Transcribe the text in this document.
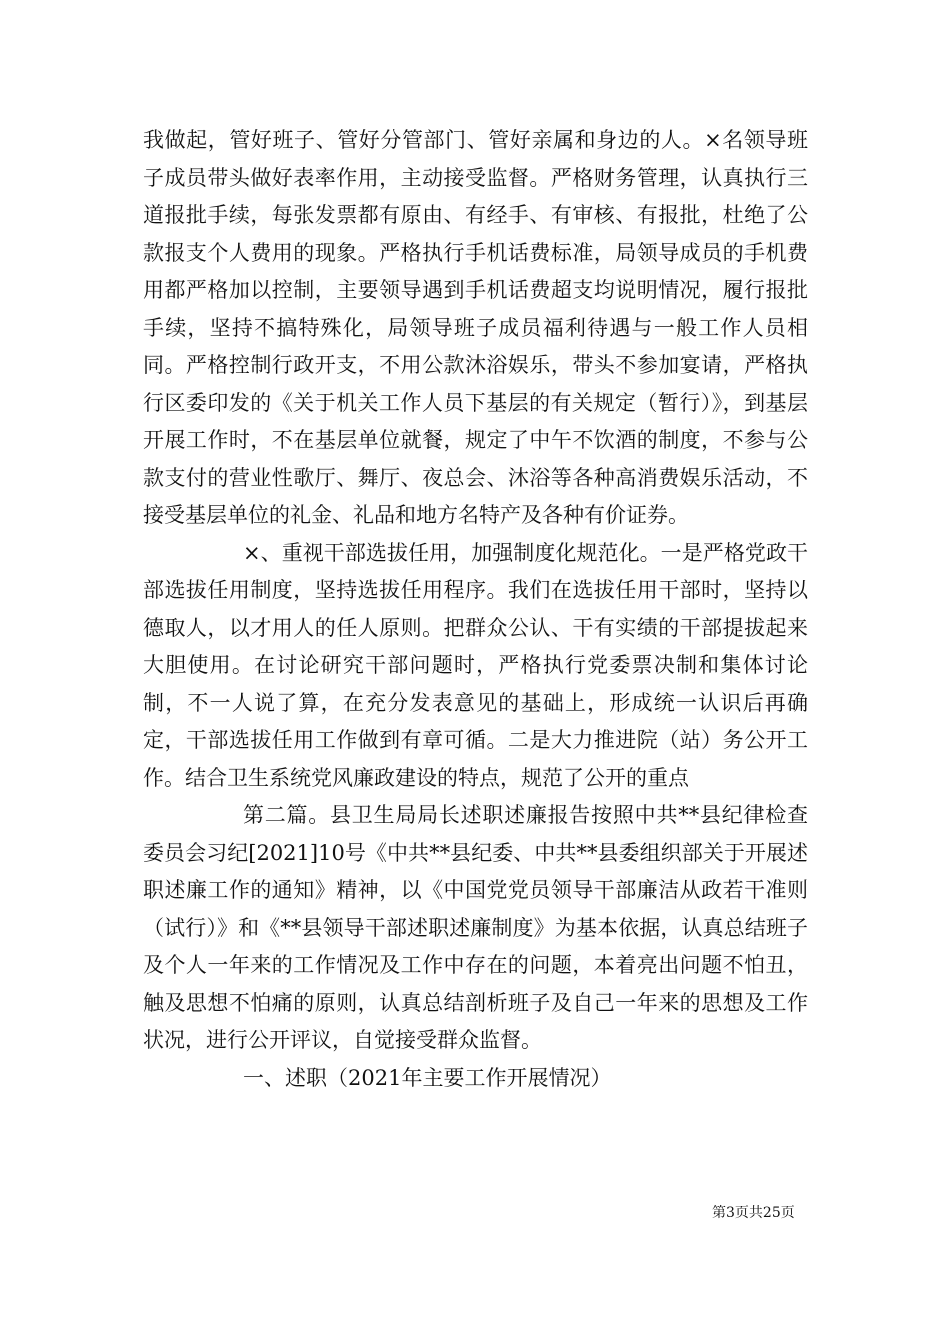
我做起，管好班子、管好分管部门、管好亲属和身边的人。×名领导班子成员带头做好表率作用，主动接受监督。严格财务管理，认真执行三道报批手续，每张发票都有原由、有经手、有审核、有报批，杜绝了公款报支个人费用的现象。严格执行手机话费标准，局领导成员的手机费用都严格加以控制，主要领导遇到手机话费超支均说明情况，履行报批手续，坚持不搞特殊化，局领导班子成员福利待遇与一般工作人员相同。严格控制行政开支，不用公款沐浴娱乐，带头不参加宴请，严格执行区委印发的《关于机关工作人员下基层的有关规定（暂行）》，到基层开展工作时，不在基层单位就餐，规定了中午不饮酒的制度，不参与公款支付的营业性歌厅、舞厅、夜总会、沐浴等各种高消费娱乐活动，不接受基层单位的礼金、礼品和地方名特产及各种有价证券。

×、重视干部选拔任用，加强制度化规范化。一是严格党政干部选拔任用制度，坚持选拔任用程序。我们在选拔任用干部时，坚持以德取人，以才用人的任人原则。把群众公认、干有实绩的干部提拔起来大胆使用。在讨论研究干部问题时，严格执行党委票决制和集体讨论制，不一人说了算，在充分发表意见的基础上，形成统一认识后再确定，干部选拔任用工作做到有章可循。二是大力推进院（站）务公开工作。结合卫生系统党风廉政建设的特点，规范了公开的重点

第二篇。县卫生局局长述职述廉报告按照中共**县纪律检查委员会习纪[2021]10号《中共**县纪委、中共**县委组织部关于开展述职述廉工作的通知》精神，以《中国党党员领导干部廉洁从政若干准则（试行）》和《**县领导干部述职述廉制度》为基本依据，认真总结班子及个人一年来的工作情况及工作中存在的问题，本着亮出问题不怕丑，触及思想不怕痛的原则，认真总结剖析班子及自己一年来的思想及工作状况，进行公开评议，自觉接受群众监督。

一、述职（2021年主要工作开展情况）

第3页共25页
